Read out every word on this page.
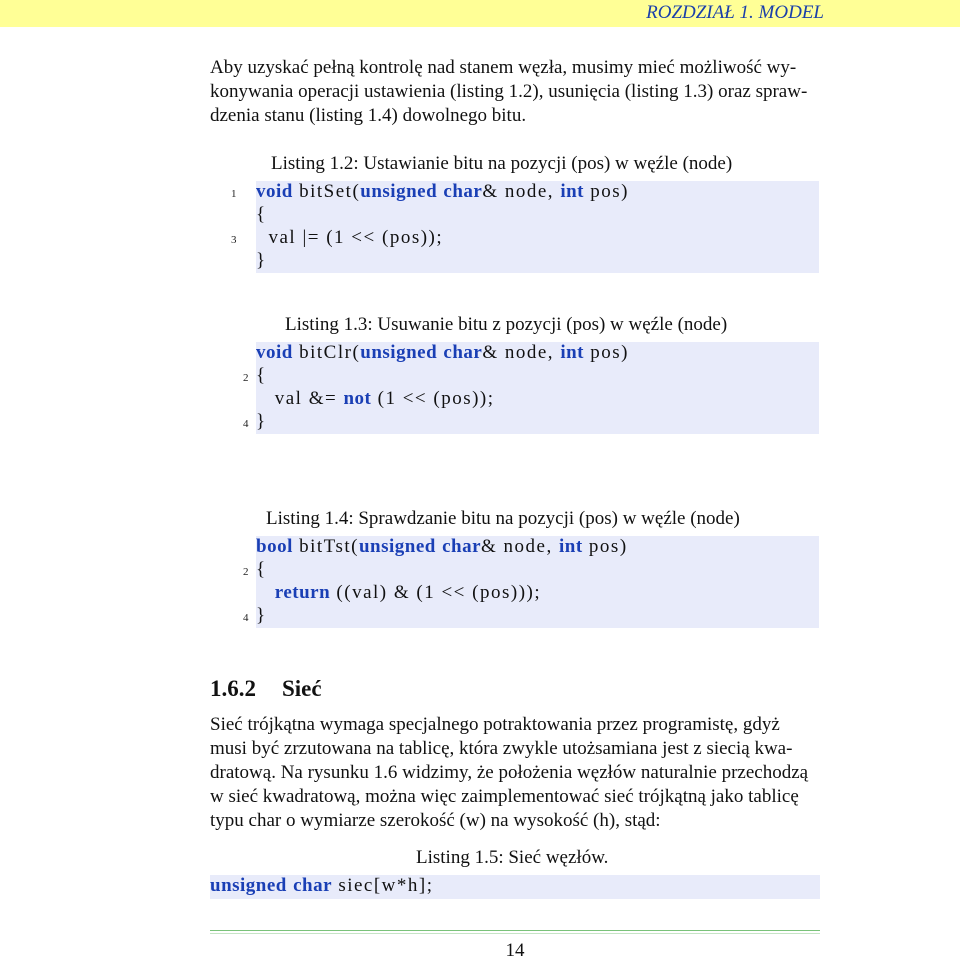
ROZDZIAŁ 1. MODEL
Aby uzyskać pełną kontrolę nad stanem węzła, musimy mieć możliwość wy-
konywania operacji ustawienia (listing 1.2), usunięcia (listing 1.3) oraz spraw-
dzenia stanu (listing 1.4) dowolnego bitu.
Listing 1.2: Ustawianie bitu na pozycji (pos) w węźle (node)
void bitSet(unsigned char& node, int pos)
{
val |= (1 << (pos));
}
1
3
Listing 1.3: Usuwanie bitu z pozycji (pos) w węźle (node)
void bitClr(unsigned char& node, int pos)
{
val &= not (1 << (pos));
}
2
4
Listing 1.4: Sprawdzanie bitu na pozycji (pos) w węźle (node)
bool bitTst(unsigned char& node, int pos)
{
return ((val) & (1 << (pos)));
}
2
4
1.6.2 Sieć
Sieć trójkątna wymaga specjalnego potraktowania przez programistę, gdyż
musi być zrzutowana na tablicę, która zwykle utożsamiana jest z siecią kwa-
dratową. Na rysunku 1.6 widzimy, że położenia węzłów naturalnie przechodzą
w sieć kwadratową, można więc zaimplementować sieć trójkątną jako tablicę
typu char o wymiarze szerokość (w) na wysokość (h), stąd:
Listing 1.5: Sieć węzłów.
unsigned char siec[w*h];
14
